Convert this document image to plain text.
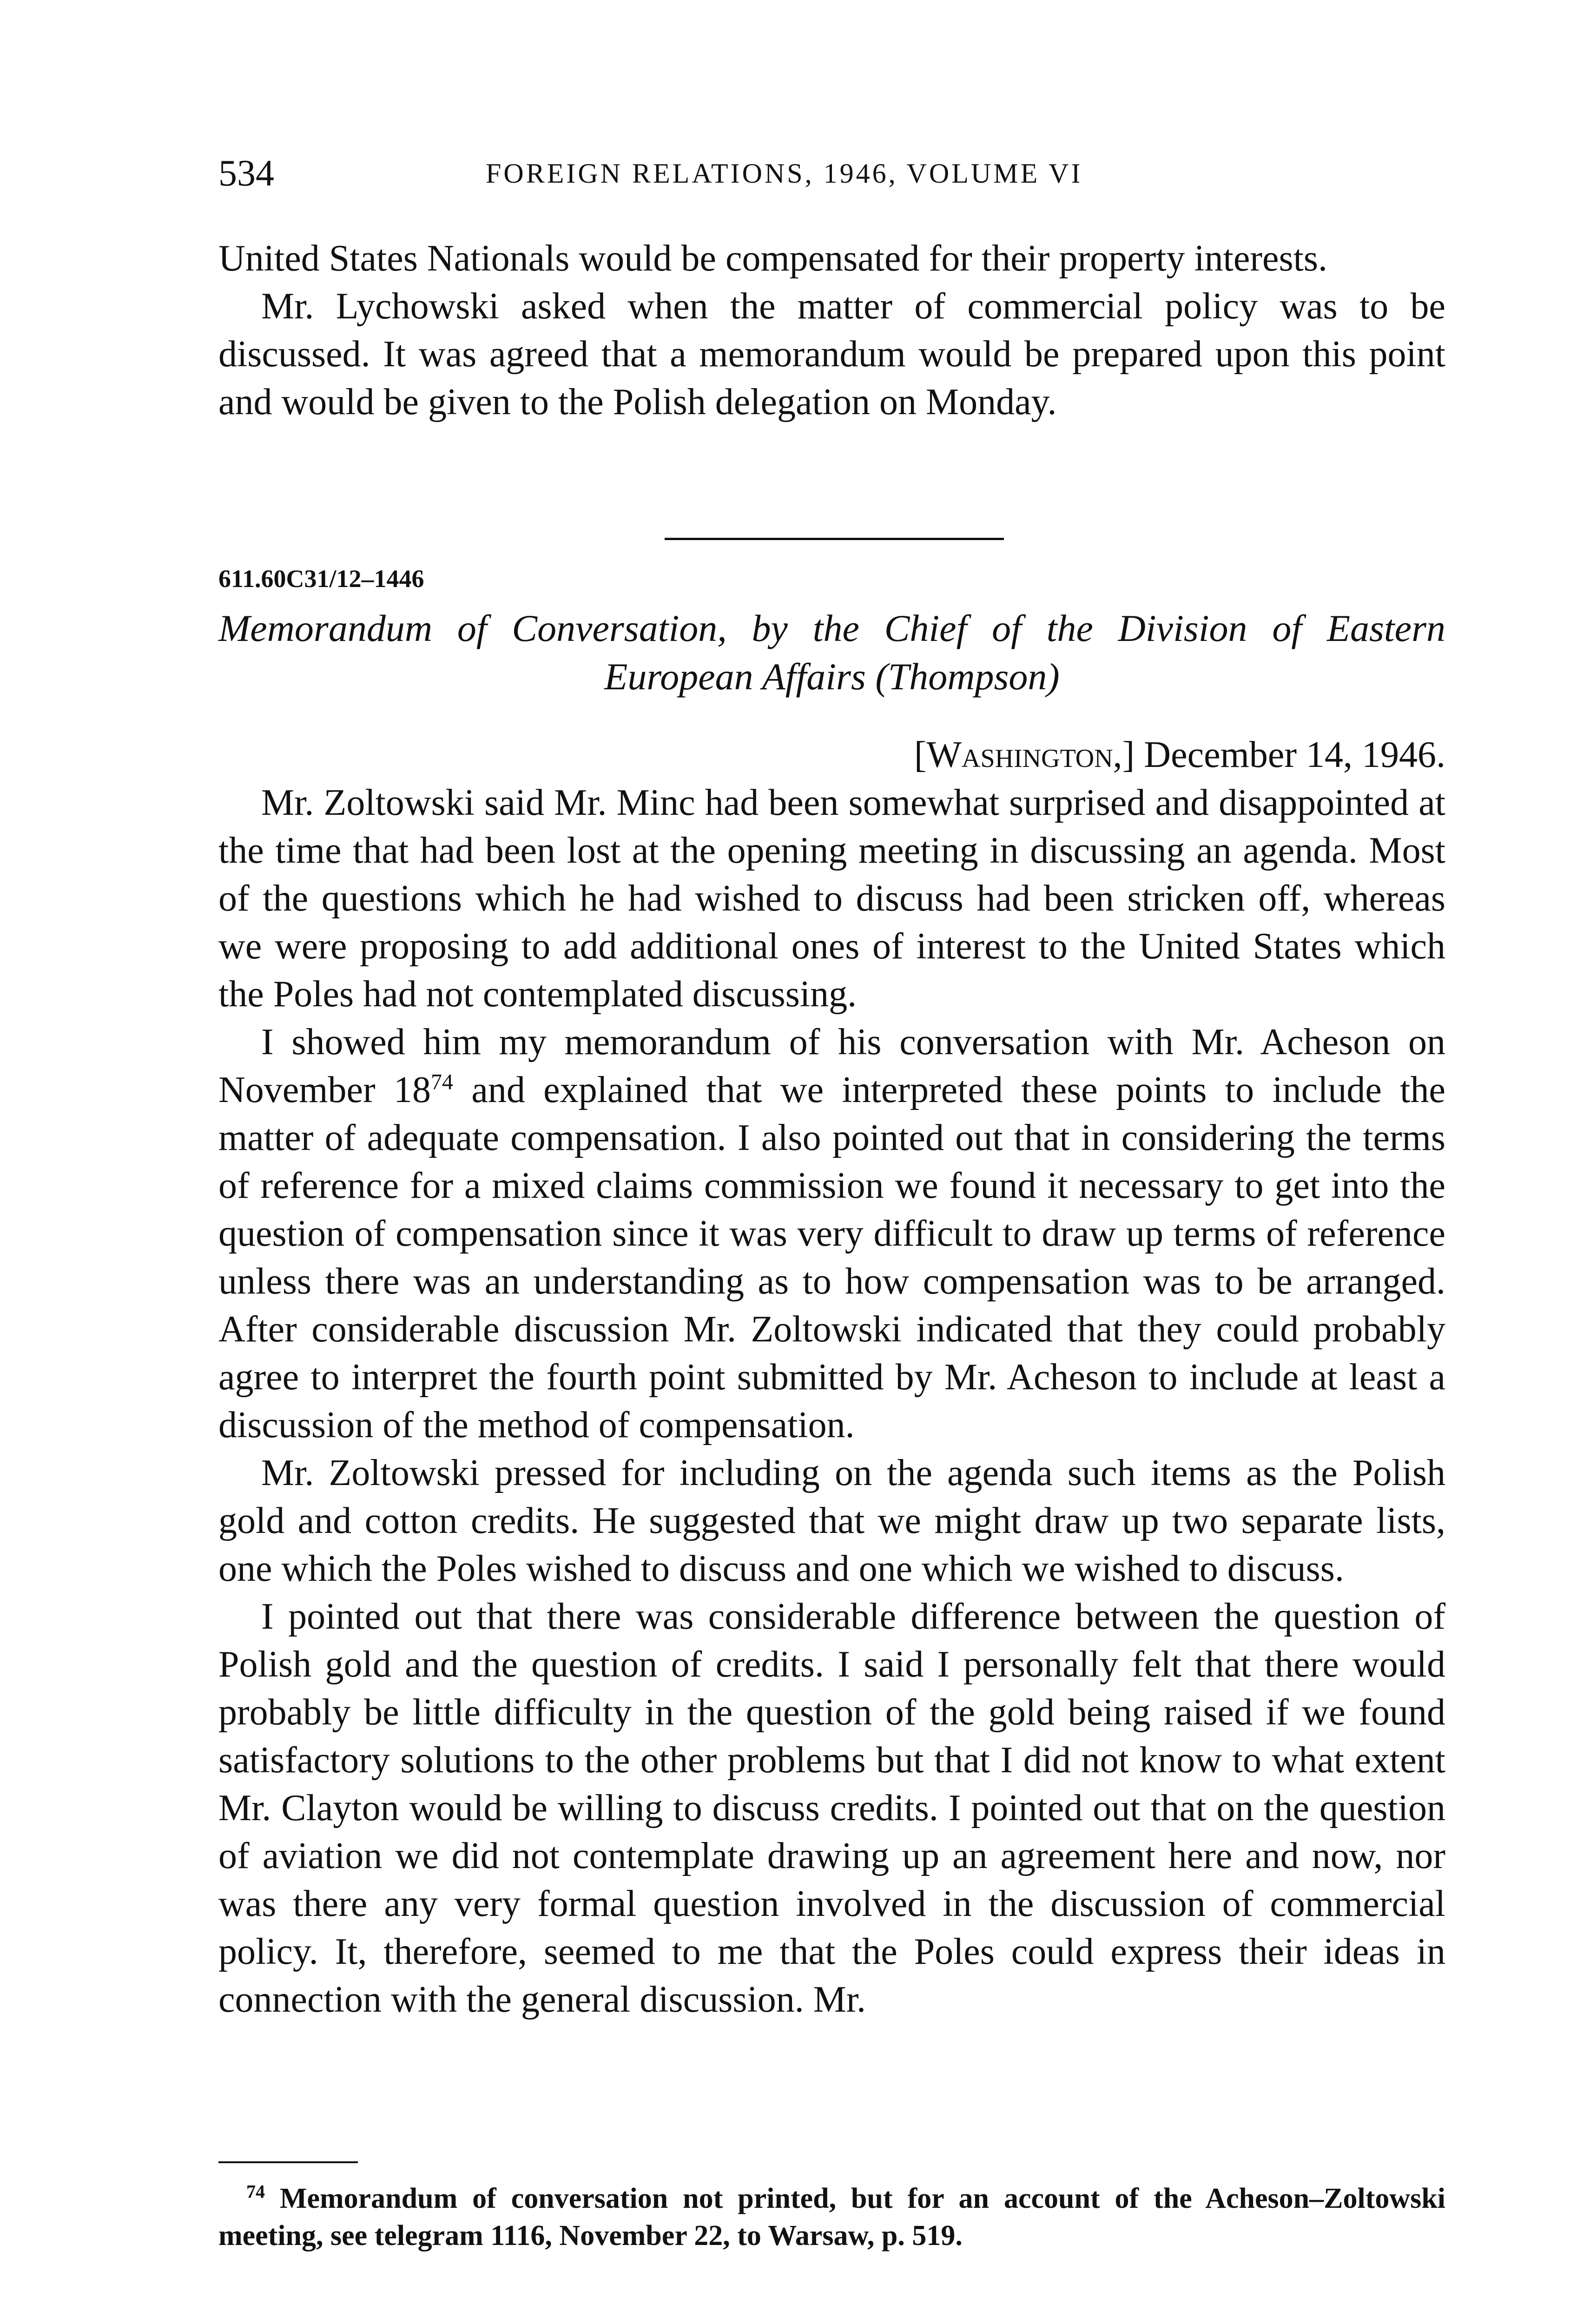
534	FOREIGN RELATIONS, 1946, VOLUME VI

United States Nationals would be compensated for their property interests.

Mr. Lychowski asked when the matter of commercial policy was to be discussed. It was agreed that a memorandum would be prepared upon this point and would be given to the Polish delegation on Monday.

611.60C31/12–1446
Memorandum of Conversation, by the Chief of the Division of Eastern
European Affairs (Thompson)
[Washington,] December 14, 1946.

Mr. Zoltowski said Mr. Minc had been somewhat surprised and disappointed at the time that had been lost at the opening meeting in discussing an agenda. Most of the questions which he had wished to discuss had been stricken off, whereas we were proposing to add additional ones of interest to the United States which the Poles had not contemplated discussing.

I showed him my memorandum of his conversation with Mr. Acheson on November 18$^{74}$ and explained that we interpreted these points to include the matter of adequate compensation. I also pointed out that in considering the terms of reference for a mixed claims commission we found it necessary to get into the question of compensation since it was very difficult to draw up terms of reference unless there was an understanding as to how compensation was to be arranged. After considerable discussion Mr. Zoltowski indicated that they could probably agree to interpret the fourth point submitted by Mr. Acheson to include at least a discussion of the method of compensation.

Mr. Zoltowski pressed for including on the agenda such items as the Polish gold and cotton credits. He suggested that we might draw up two separate lists, one which the Poles wished to discuss and one which we wished to discuss.

I pointed out that there was considerable difference between the question of Polish gold and the question of credits. I said I personally felt that there would probably be little difficulty in the question of the gold being raised if we found satisfactory solutions to the other problems but that I did not know to what extent Mr. Clayton would be willing to discuss credits. I pointed out that on the question of aviation we did not contemplate drawing up an agreement here and now, nor was there any very formal question involved in the discussion of commercial policy. It, therefore, seemed to me that the Poles could express their ideas in connection with the general discussion. Mr.

$^{74}$ Memorandum of conversation not printed, but for an account of the Acheson–Zoltowski meeting, see telegram 1116, November 22, to Warsaw, p. 519.
